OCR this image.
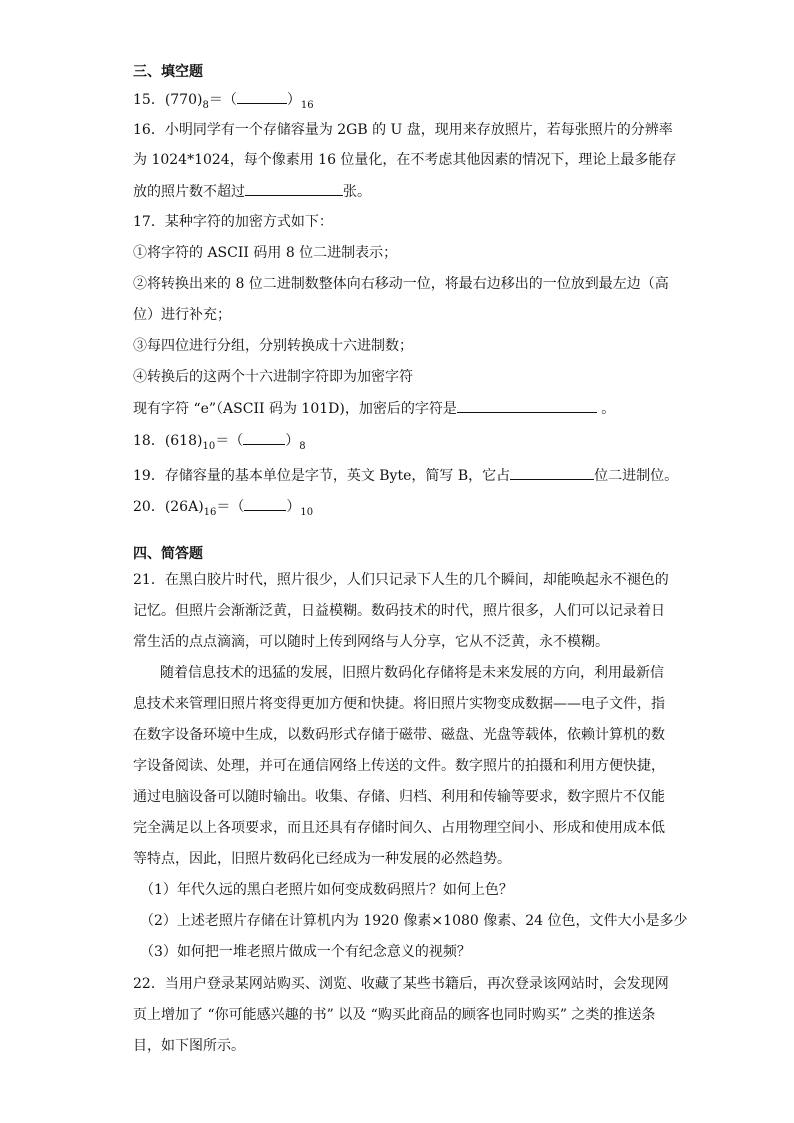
三、填空题
15．$(770)_8=$（	）$_{16}$
16．小明同学有一个存储容量为 2GB 的 U 盘，现用来存放照片，若每张照片的分辨率
为 1024*1024，每个像素用 16 位量化，在不考虑其他因素的情况下，理论上最多能存
放的照片数不超过	张。
17．某种字符的加密方式如下：
①将字符的 ASCII 码用 8 位二进制表示；
②将转换出来的 8 位二进制数整体向右移动一位，将最右边移出的一位放到最左边（高
位）进行补充；
③每四位进行分组，分别转换成十六进制数；
④转换后的这两个十六进制字符即为加密字符
现有字符 “e”（ASCII 码为 101D)，加密后的字符是	。
18．$(618)_{10}=$（	）$_8$
19．存储容量的基本单位是字节，英文 Byte，简写 B，它占	位二进制位。
20．$(26A)_{16}=$（	）$_{10}$
四、简答题
21．在黑白胶片时代，照片很少，人们只记录下人生的几个瞬间，却能唤起永不褪色的
记忆。但照片会渐渐泛黄，日益模糊。数码技术的时代，照片很多，人们可以记录着日
常生活的点点滴滴，可以随时上传到网络与人分享，它从不泛黄，永不模糊。
随着信息技术的迅猛的发展，旧照片数码化存储将是未来发展的方向，利用最新信
息技术来管理旧照片将变得更加方便和快捷。将旧照片实物变成数据——电子文件，指
在数字设备环境中生成，以数码形式存储于磁带、磁盘、光盘等载体，依赖计算机的数
字设备阅读、处理，并可在通信网络上传送的文件。数字照片的拍摄和利用方便快捷，
通过电脑设备可以随时输出。收集、存储、归档、利用和传输等要求，数字照片不仅能
完全满足以上各项要求，而且还具有存储时间久、占用物理空间小、形成和使用成本低
等特点，因此，旧照片数码化已经成为一种发展的必然趋势。
（1）年代久远的黑白老照片如何变成数码照片？如何上色？
（2）上述老照片存储在计算机内为 1920 像素×1080 像素、24 位色，文件大小是多少
（3）如何把一堆老照片做成一个有纪念意义的视频？
22．当用户登录某网站购买、浏览、收藏了某些书籍后，再次登录该网站时，会发现网
页上增加了 “你可能感兴趣的书” 以及 “购买此商品的顾客也同时购买” 之类的推送条
目，如下图所示。
